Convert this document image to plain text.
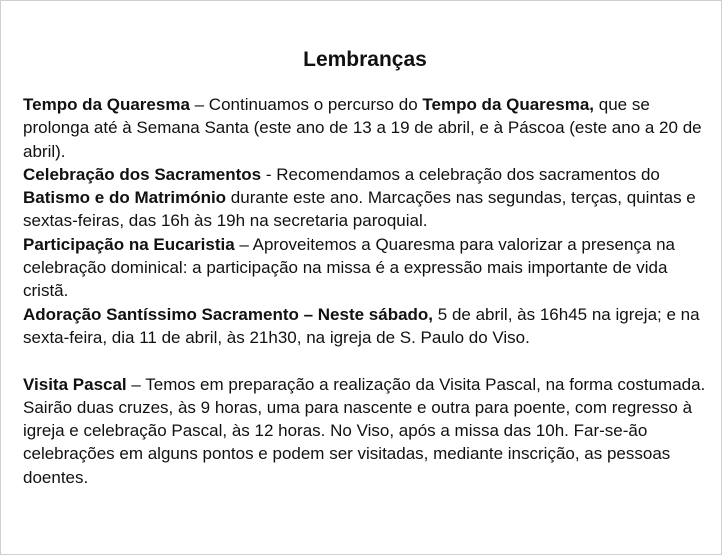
Lembranças

Tempo da Quaresma – Continuamos o percurso do Tempo da Quaresma, que se prolonga até à Semana Santa (este ano de 13 a 19 de abril, e à Páscoa (este ano a 20 de abril).

Celebração dos Sacramentos - Recomendamos a celebração dos sacramentos do Batismo e do Matrimónio durante este ano. Marcações nas segundas, terças, quintas e sextas-feiras, das 16h às 19h na secretaria paroquial.

Participação na Eucaristia – Aproveitemos a Quaresma para valorizar a presença na celebração dominical: a participação na missa é a expressão mais importante de vida cristã.

Adoração Santíssimo Sacramento – Neste sábado, 5 de abril, às 16h45 na igreja; e na sexta-feira, dia 11 de abril, às 21h30, na igreja de S. Paulo do Viso.

Visita Pascal – Temos em preparação a realização da Visita Pascal, na forma costumada. Sairão duas cruzes, às 9 horas, uma para nascente e outra para poente, com regresso à igreja e celebração Pascal, às 12 horas. No Viso, após a missa das 10h. Far-se-ão celebrações em alguns pontos e podem ser visitadas, mediante inscrição, as pessoas doentes.
